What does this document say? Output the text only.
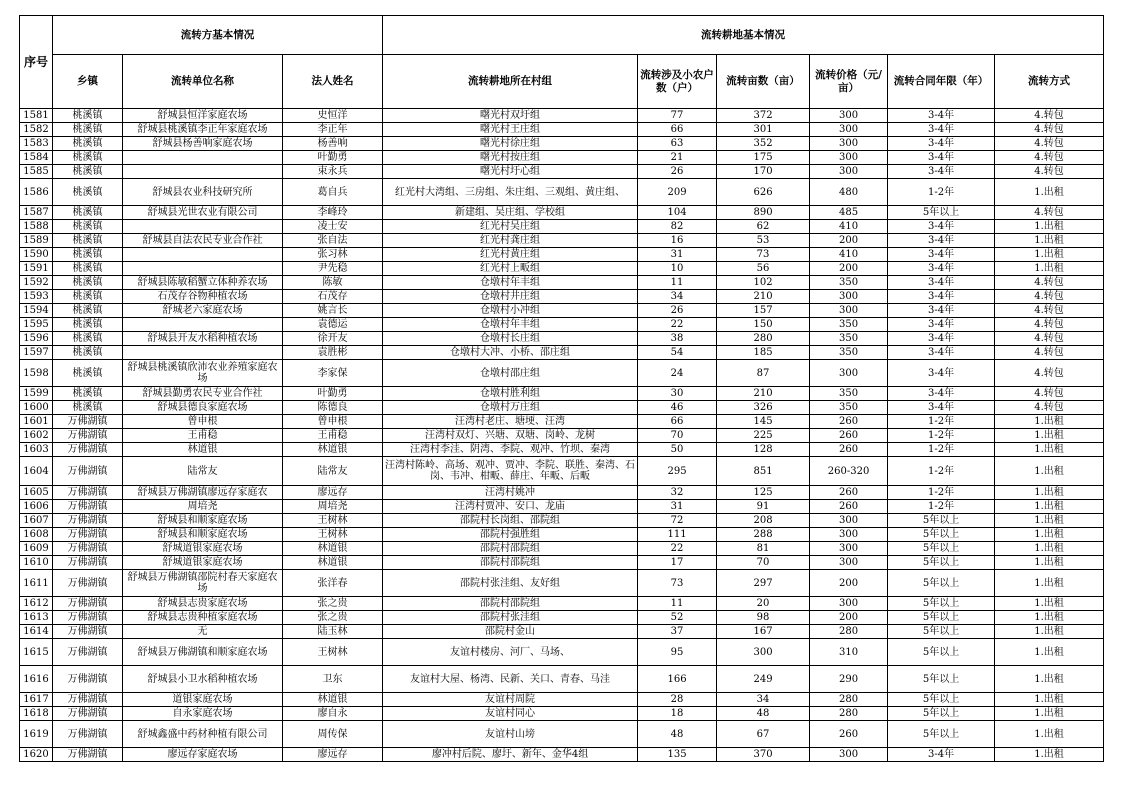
序号	流转方基本情况			流转耕地基本情况					
	乡镇	流转单位名称	法人姓名	流转耕地所在村组	流转涉及小农户数（户）	流转亩数（亩）	流转价格（元/亩）	流转合同年限（年）	流转方式
1581	桃溪镇	舒城县恒洋家庭农场	史恒洋	曙光村双圩组	77	372	300	3-4年	4.转包
1582	桃溪镇	舒城县桃溪镇李正年家庭农场	李正年	曙光村王庄组	66	301	300	3-4年	4.转包
1583	桃溪镇	舒城县杨善响家庭农场	杨善响	曙光村徐庄组	63	352	300	3-4年	4.转包
1584	桃溪镇		叶勤勇	曙光村按庄组	21	175	300	3-4年	4.转包
1585	桃溪镇		束永兵	曙光村圩心组	26	170	300	3-4年	4.转包
1586	桃溪镇	舒城县农业科技研究所	葛自兵	红光村大湾组、三房组、朱庄组、三观组、黄庄组、	209	626	480	1-2年	1.出租
1587	桃溪镇	舒城县光世农业有限公司	李峰玲	新建组、吴庄组、学校组	104	890	485	5年以上	4.转包
1588	桃溪镇		凌士安	红光村吴庄组	82	62	410	3-4年	1.出租
1589	桃溪镇	舒城县自法农民专业合作社	张自法	红光村龚庄组	16	53	200	3-4年	1.出租
1590	桃溪镇		张习林	红光村黄庄组	31	73	410	3-4年	1.出租
1591	桃溪镇		尹先稳	红光村上畈组	10	56	200	3-4年	1.出租
1592	桃溪镇	舒城县陈敏稻蟹立体种养农场	陈敏	仓墩村年丰组	11	102	350	3-4年	4.转包
1593	桃溪镇	石茂存谷物种植农场	石茂存	仓墩村井庄组	34	210	300	3-4年	4.转包
1594	桃溪镇	舒城老六家庭农场	姚言长	仓墩村小冲组	26	157	300	3-4年	4.转包
1595	桃溪镇		袁德运	仓墩村年丰组	22	150	350	3-4年	4.转包
1596	桃溪镇	舒城县开友水稻种植农场	徐开友	仓墩村长庄组	38	280	350	3-4年	4.转包
1597	桃溪镇		袁胜彬	仓墩村大冲、小桥、邵庄组	54	185	350	3-4年	4.转包
1598	桃溪镇	舒城县桃溪镇欣沛农业养殖家庭农场	李家保	仓墩村邵庄组	24	87	300	3-4年	4.转包
1599	桃溪镇	舒城县勤勇农民专业合作社	叶勤勇	仓墩村胜利组	30	210	350	3-4年	4.转包
1600	桃溪镇	舒城县德良家庭农场	陈德良	仓墩村万庄组	46	326	350	3-4年	4.转包
1601	万佛湖镇	曾申根	曾申根	汪湾村老庄、塘埂、汪湾	66	145	260	1-2年	1.出租
1602	万佛湖镇	王甫稳	王甫稳	汪湾村双灯、兴塘、双塘、岗岭、龙树	70	225	260	1-2年	1.出租
1603	万佛湖镇	林道银	林道银	汪湾村李洼、阴湾、李院、观冲、竹坝、秦湾	50	128	260	1-2年	1.出租
1604	万佛湖镇	陆常友	陆常友	汪湾村陈岭、高场、观冲、贾冲、李院、联胜、秦湾、石岗、韦冲、柑畈、薛庄、年畈、后畈	295	851	260-320	1-2年	1.出租
1605	万佛湖镇	舒城县万佛湖镇廖远存家庭农	廖远存	汪湾村姚冲	32	125	260	1-2年	1.出租
1606	万佛湖镇	周培尧	周培尧	汪湾村贾冲、安口、龙庙	31	91	260	1-2年	1.出租
1607	万佛湖镇	舒城县和顺家庭农场	王树林	邵院村长岗组、邵院组	72	208	300	5年以上	1.出租
1608	万佛湖镇	舒城县和顺家庭农场	王树林	邵院村强胜组	111	288	300	5年以上	1.出租
1609	万佛湖镇	舒城道银家庭农场	林道银	邵院村邵院组	22	81	300	5年以上	1.出租
1610	万佛湖镇	舒城道银家庭农场	林道银	邵院村邵院组	17	70	300	5年以上	1.出租
1611	万佛湖镇	舒城县万佛湖镇邵院村春天家庭农场	张洋春	邵院村张洼组、友好组	73	297	200	5年以上	1.出租
1612	万佛湖镇	舒城县志贵家庭农场	张之贵	邵院村邵院组	11	20	300	5年以上	1.出租
1613	万佛湖镇	舒城县志贵种植家庭农场	张之贵	邵院村张洼组	52	98	200	5年以上	1.出租
1614	万佛湖镇	无	陆玉林	邵院村金山	37	167	280	5年以上	1.出租
1615	万佛湖镇	舒城县万佛湖镇和顺家庭农场	王树林	友谊村楼房、河厂、马场、	95	300	310	5年以上	1.出租
1616	万佛湖镇	舒城县小卫水稻种植农场	卫东	友谊村大屋、杨湾、民新、关口、青春、马洼	166	249	290	5年以上	1.出租
1617	万佛湖镇	道银家庭农场	林道银	友谊村周院	28	34	280	5年以上	1.出租
1618	万佛湖镇	自永家庭农场	廖自永	友谊村同心	18	48	280	5年以上	1.出租
1619	万佛湖镇	舒城鑫盛中药材种植有限公司	周传保	友谊村山塝	48	67	260	5年以上	1.出租
1620	万佛湖镇	廖远存家庭农场	廖远存	廖冲村后院、廖圩、新年、金华4组	135	370	300	3-4年	1.出租
